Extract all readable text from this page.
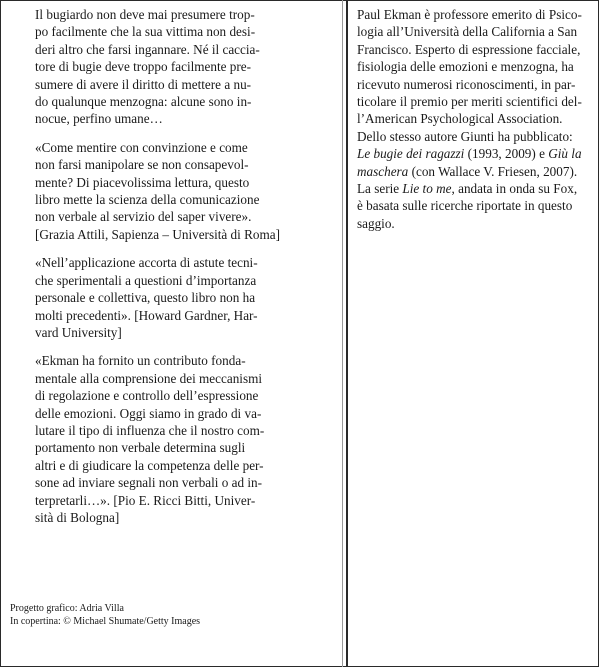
Il bugiardo non deve mai presumere trop-
po facilmente che la sua vittima non desi-
deri altro che farsi ingannare. Né il caccia-
tore di bugie deve troppo facilmente pre-
sumere di avere il diritto di mettere a nu-
do qualunque menzogna: alcune sono in-
nocue, perfino umane…
«Come mentire con convinzione e come
non farsi manipolare se non consapevol-
mente? Di piacevolissima lettura, questo
libro mette la scienza della comunicazione
non verbale al servizio del saper vivere».
[Grazia Attili, Sapienza – Università di Roma]
«Nell’applicazione accorta di astute tecni-
che sperimentali a questioni d’importanza
personale e collettiva, questo libro non ha
molti precedenti». [Howard Gardner, Har-
vard University]
«Ekman ha fornito un contributo fonda-
mentale alla comprensione dei meccanismi
di regolazione e controllo dell’espressione
delle emozioni. Oggi siamo in grado di va-
lutare il tipo di influenza che il nostro com-
portamento non verbale determina sugli
altri e di giudicare la competenza delle per-
sone ad inviare segnali non verbali o ad in-
terpretarli…». [Pio E. Ricci Bitti, Univer-
sità di Bologna]
Paul Ekman è professore emerito di Psico-
logia all’Università della California a San
Francisco. Esperto di espressione facciale,
fisiologia delle emozioni e menzogna, ha
ricevuto numerosi riconoscimenti, in par-
ticolare il premio per meriti scientifici del-
l’American Psychological Association.
Dello stesso autore Giunti ha pubblicato:
Le bugie dei ragazzi (1993, 2009) e Giù la
maschera (con Wallace V. Friesen, 2007).
La serie Lie to me, andata in onda su Fox,
è basata sulle ricerche riportate in questo
saggio.
Progetto grafico: Adria Villa
In copertina: © Michael Shumate/Getty Images
